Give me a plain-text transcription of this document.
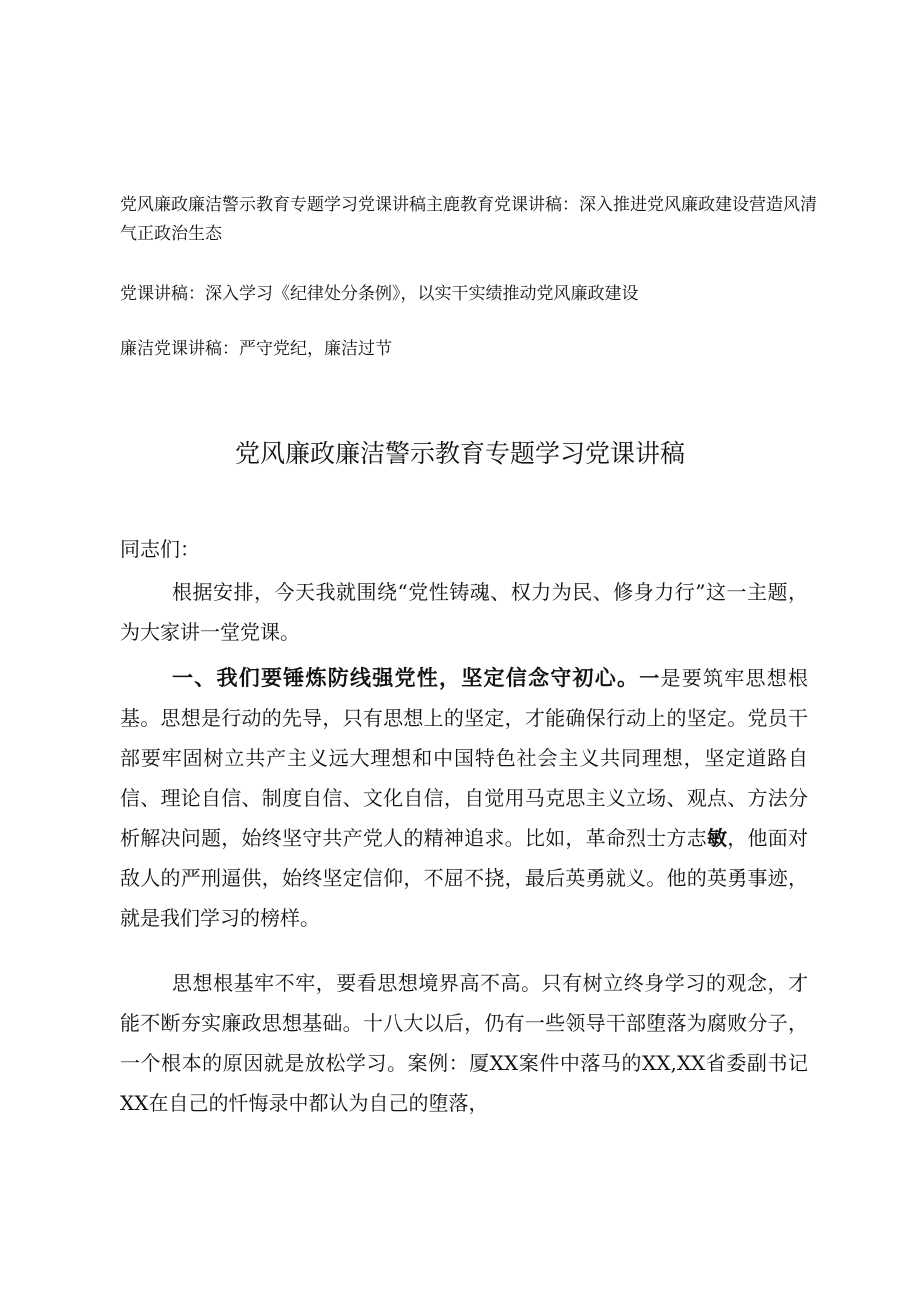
党风廉政廉洁警示教育专题学习党课讲稿主鹿教育党课讲稿：深入推进党风廉政建设营造风清气正政治生态
党课讲稿：深入学习《纪律处分条例》，以实干实绩推动党风廉政建设
廉洁党课讲稿：严守党纪，廉洁过节
党风廉政廉洁警示教育专题学习党课讲稿
同志们：
根据安排，今天我就围绕“党性铸魂、权力为民、修身力行”这一主题，为大家讲一堂党课。
一、我们要锤炼防线强党性，坚定信念守初心。一是要筑牢思想根基。思想是行动的先导，只有思想上的坚定，才能确保行动上的坚定。党员干部要牢固树立共产主义远大理想和中国特色社会主义共同理想，坚定道路自信、理论自信、制度自信、文化自信，自觉用马克思主义立场、观点、方法分析解决问题，始终坚守共产党人的精神追求。比如，革命烈士方志敏，他面对敌人的严刑逼供，始终坚定信仰，不屈不挠，最后英勇就义。他的英勇事迹，就是我们学习的榜样。
思想根基牢不牢，要看思想境界高不高。只有树立终身学习的观念，才能不断夯实廉政思想基础。十八大以后，仍有一些领导干部堕落为腐败分子，一个根本的原因就是放松学习。案例：厦XX案件中落马的XX,XX省委副书记XX在自己的忏悔录中都认为自己的堕落，
